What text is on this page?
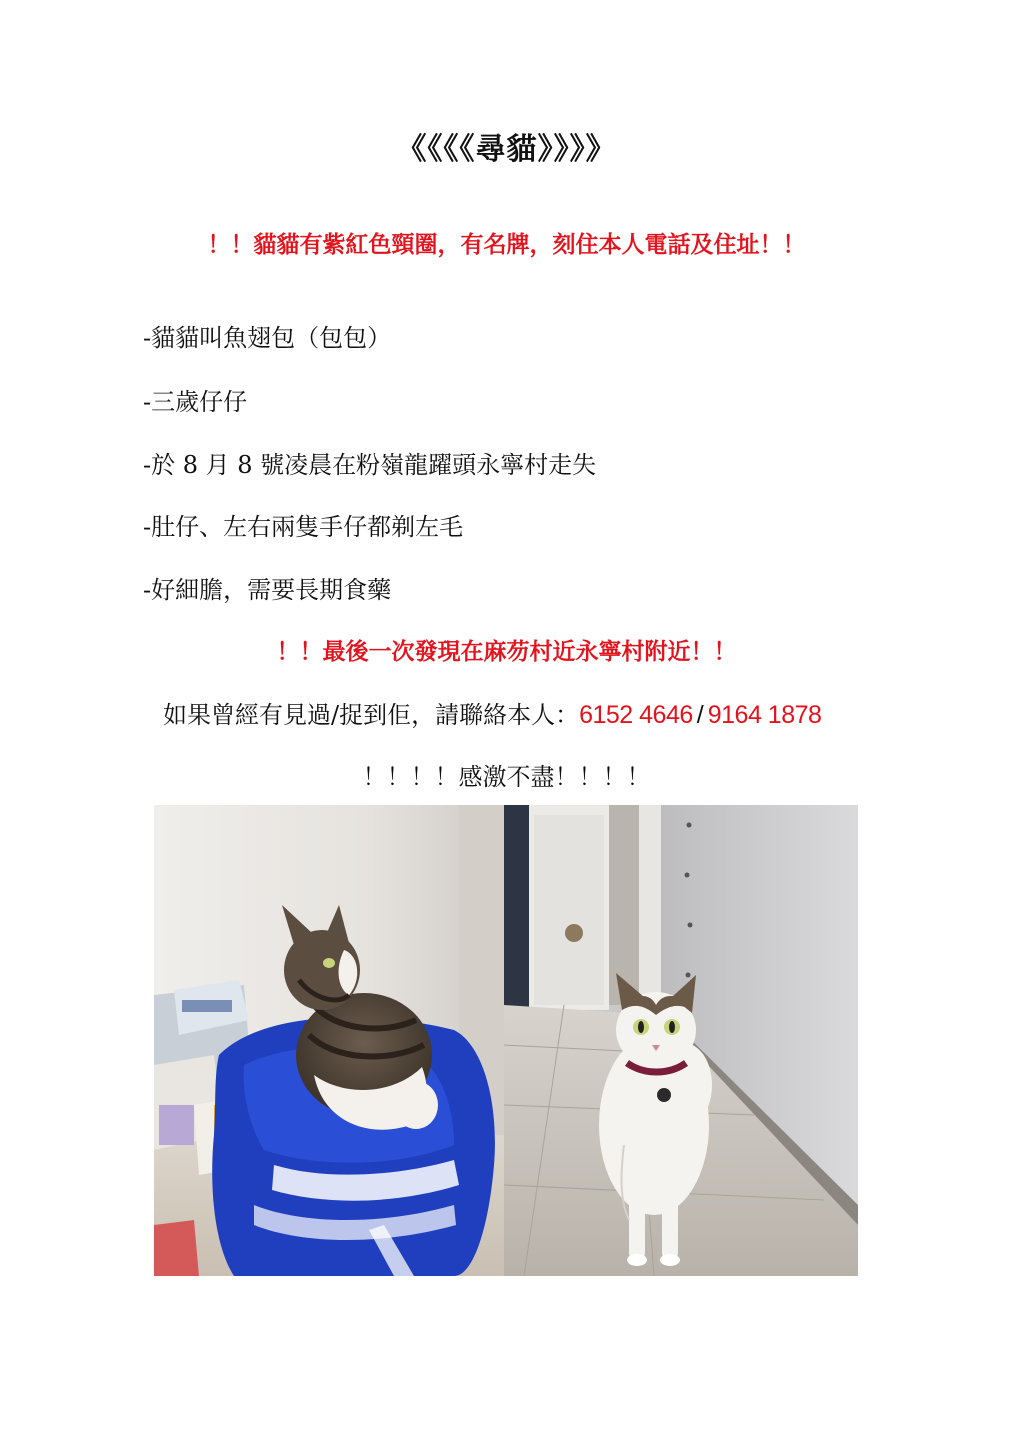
《《《《尋貓》》》》
！！貓貓有紫紅色頸圈，有名牌，刻住本人電話及住址！！
-貓貓叫魚翅包（包包）
-三歲仔仔
-於 8 月 8 號凌晨在粉嶺龍躍頭永寧村走失
-肚仔、左右兩隻手仔都剃左毛
-好細膽，需要長期食藥
！！最後一次發現在麻芴村近永寧村附近！！
如果曾經有見過/捉到佢，請聯絡本人：6152 4646 / 9164 1878
！！！！感激不盡！！！！
